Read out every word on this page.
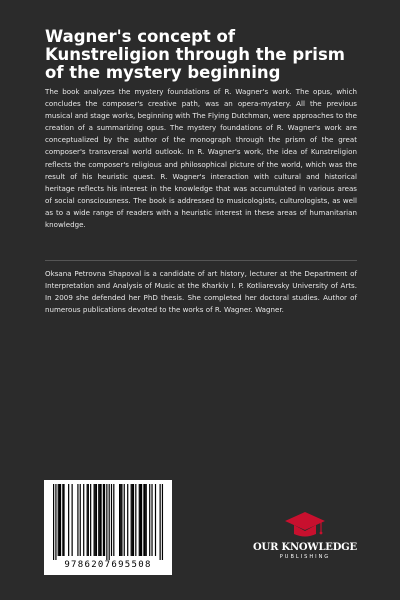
Wagner's concept of Kunstreligion through the prism of the mystery beginning

The book analyzes the mystery foundations of R. Wagner's work. The opus, which concludes the composer's creative path, was an opera-mystery. All the previous musical and stage works, beginning with The Flying Dutchman, were approaches to the creation of a summarizing opus. The mystery foundations of R. Wagner's work are conceptualized by the author of the monograph through the prism of the great composer's transversal world outlook. In R. Wagner's work, the idea of Kunstreligion reflects the composer's religious and philosophical picture of the world, which was the result of his heuristic quest. R. Wagner's interaction with cultural and historical heritage reflects his interest in the knowledge that was accumulated in various areas of social consciousness. The book is addressed to musicologists, culturologists, as well as to a wide range of readers with a heuristic interest in these areas of humanitarian knowledge.

Oksana Petrovna Shapoval is a candidate of art history, lecturer at the Department of Interpretation and Analysis of Music at the Kharkiv I. P. Kotliarevsky University of Arts. In 2009 she defended her PhD thesis. She completed her doctoral studies. Author of numerous publications devoted to the works of R. Wagner. Wagner.

9786207695508
OUR KNOWLEDGE
PUBLISHING
